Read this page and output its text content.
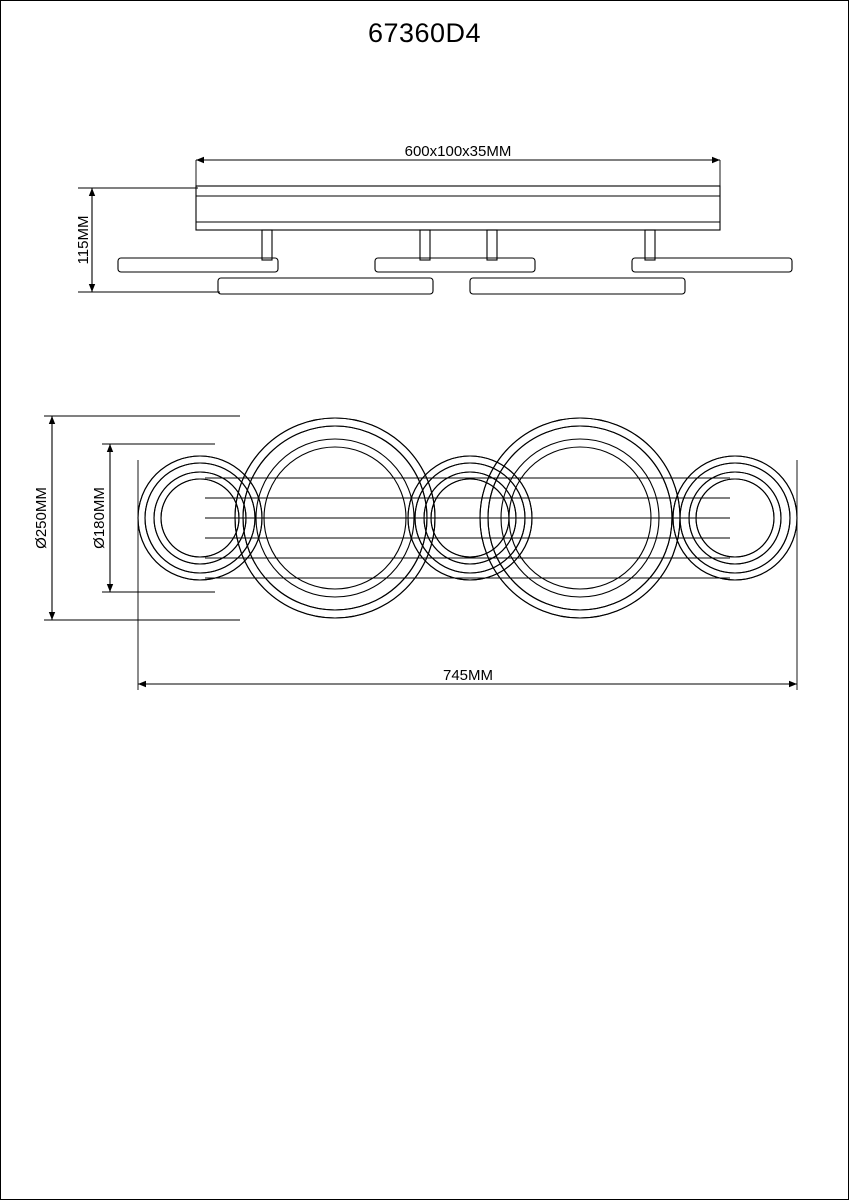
67360D4
600x100x35MM
115MM
Ø250MM	Ø180MM
745MM
